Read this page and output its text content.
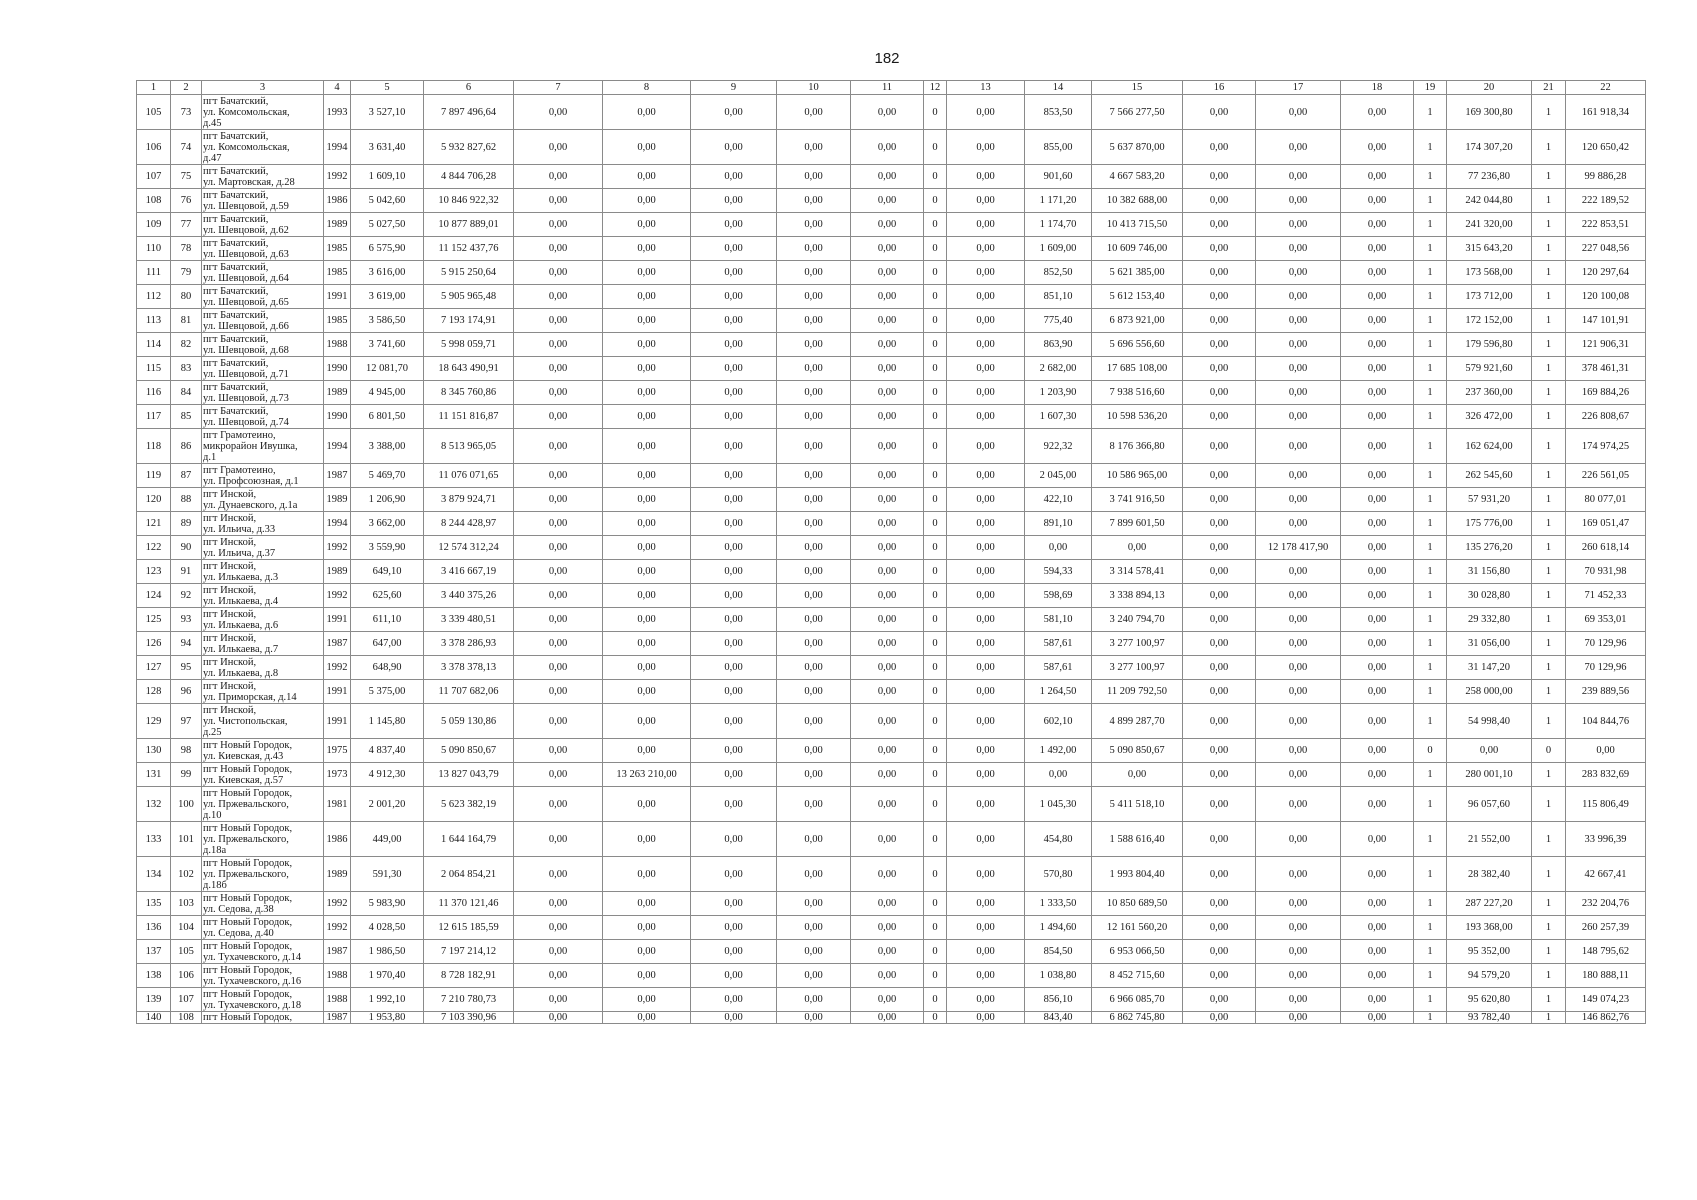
182
1	2	3	4	5	6	7	8	9	10	11	12	13	14	15	16	17	18	19	20	21	22
105	73	пгт Бачатский,
ул. Комсомольская,
д.45	1993	3 527,10	7 897 496,64	0,00	0,00	0,00	0,00	0,00	0	0,00	853,50	7 566 277,50	0,00	0,00	0,00	1	169 300,80	1	161 918,34
106	74	пгт Бачатский,
ул. Комсомольская,
д.47	1994	3 631,40	5 932 827,62	0,00	0,00	0,00	0,00	0,00	0	0,00	855,00	5 637 870,00	0,00	0,00	0,00	1	174 307,20	1	120 650,42
107	75	пгт Бачатский,
ул. Мартовская, д.28	1992	1 609,10	4 844 706,28	0,00	0,00	0,00	0,00	0,00	0	0,00	901,60	4 667 583,20	0,00	0,00	0,00	1	77 236,80	1	99 886,28
108	76	пгт Бачатский,
ул. Шевцовой, д.59	1986	5 042,60	10 846 922,32	0,00	0,00	0,00	0,00	0,00	0	0,00	1 171,20	10 382 688,00	0,00	0,00	0,00	1	242 044,80	1	222 189,52
109	77	пгт Бачатский,
ул. Шевцовой, д.62	1989	5 027,50	10 877 889,01	0,00	0,00	0,00	0,00	0,00	0	0,00	1 174,70	10 413 715,50	0,00	0,00	0,00	1	241 320,00	1	222 853,51
110	78	пгт Бачатский,
ул. Шевцовой, д.63	1985	6 575,90	11 152 437,76	0,00	0,00	0,00	0,00	0,00	0	0,00	1 609,00	10 609 746,00	0,00	0,00	0,00	1	315 643,20	1	227 048,56
111	79	пгт Бачатский,
ул. Шевцовой, д.64	1985	3 616,00	5 915 250,64	0,00	0,00	0,00	0,00	0,00	0	0,00	852,50	5 621 385,00	0,00	0,00	0,00	1	173 568,00	1	120 297,64
112	80	пгт Бачатский,
ул. Шевцовой, д.65	1991	3 619,00	5 905 965,48	0,00	0,00	0,00	0,00	0,00	0	0,00	851,10	5 612 153,40	0,00	0,00	0,00	1	173 712,00	1	120 100,08
113	81	пгт Бачатский,
ул. Шевцовой, д.66	1985	3 586,50	7 193 174,91	0,00	0,00	0,00	0,00	0,00	0	0,00	775,40	6 873 921,00	0,00	0,00	0,00	1	172 152,00	1	147 101,91
114	82	пгт Бачатский,
ул. Шевцовой, д.68	1988	3 741,60	5 998 059,71	0,00	0,00	0,00	0,00	0,00	0	0,00	863,90	5 696 556,60	0,00	0,00	0,00	1	179 596,80	1	121 906,31
115	83	пгт Бачатский,
ул. Шевцовой, д.71	1990	12 081,70	18 643 490,91	0,00	0,00	0,00	0,00	0,00	0	0,00	2 682,00	17 685 108,00	0,00	0,00	0,00	1	579 921,60	1	378 461,31
116	84	пгт Бачатский,
ул. Шевцовой, д.73	1989	4 945,00	8 345 760,86	0,00	0,00	0,00	0,00	0,00	0	0,00	1 203,90	7 938 516,60	0,00	0,00	0,00	1	237 360,00	1	169 884,26
117	85	пгт Бачатский,
ул. Шевцовой, д.74	1990	6 801,50	11 151 816,87	0,00	0,00	0,00	0,00	0,00	0	0,00	1 607,30	10 598 536,20	0,00	0,00	0,00	1	326 472,00	1	226 808,67
118	86	пгт Грамотеино,
микрорайон Ивушка,
д.1	1994	3 388,00	8 513 965,05	0,00	0,00	0,00	0,00	0,00	0	0,00	922,32	8 176 366,80	0,00	0,00	0,00	1	162 624,00	1	174 974,25
119	87	пгт Грамотеино,
ул. Профсоюзная, д.1	1987	5 469,70	11 076 071,65	0,00	0,00	0,00	0,00	0,00	0	0,00	2 045,00	10 586 965,00	0,00	0,00	0,00	1	262 545,60	1	226 561,05
120	88	пгт Инской,
ул. Дунаевского, д.1а	1989	1 206,90	3 879 924,71	0,00	0,00	0,00	0,00	0,00	0	0,00	422,10	3 741 916,50	0,00	0,00	0,00	1	57 931,20	1	80 077,01
121	89	пгт Инской,
ул. Ильича, д.33	1994	3 662,00	8 244 428,97	0,00	0,00	0,00	0,00	0,00	0	0,00	891,10	7 899 601,50	0,00	0,00	0,00	1	175 776,00	1	169 051,47
122	90	пгт Инской,
ул. Ильича, д.37	1992	3 559,90	12 574 312,24	0,00	0,00	0,00	0,00	0,00	0	0,00	0,00	0,00	0,00	12 178 417,90	0,00	1	135 276,20	1	260 618,14
123	91	пгт Инской,
ул. Илькаева, д.3	1989	649,10	3 416 667,19	0,00	0,00	0,00	0,00	0,00	0	0,00	594,33	3 314 578,41	0,00	0,00	0,00	1	31 156,80	1	70 931,98
124	92	пгт Инской,
ул. Илькаева, д.4	1992	625,60	3 440 375,26	0,00	0,00	0,00	0,00	0,00	0	0,00	598,69	3 338 894,13	0,00	0,00	0,00	1	30 028,80	1	71 452,33
125	93	пгт Инской,
ул. Илькаева, д.6	1991	611,10	3 339 480,51	0,00	0,00	0,00	0,00	0,00	0	0,00	581,10	3 240 794,70	0,00	0,00	0,00	1	29 332,80	1	69 353,01
126	94	пгт Инской,
ул. Илькаева, д.7	1987	647,00	3 378 286,93	0,00	0,00	0,00	0,00	0,00	0	0,00	587,61	3 277 100,97	0,00	0,00	0,00	1	31 056,00	1	70 129,96
127	95	пгт Инской,
ул. Илькаева, д.8	1992	648,90	3 378 378,13	0,00	0,00	0,00	0,00	0,00	0	0,00	587,61	3 277 100,97	0,00	0,00	0,00	1	31 147,20	1	70 129,96
128	96	пгт Инской,
ул. Приморская, д.14	1991	5 375,00	11 707 682,06	0,00	0,00	0,00	0,00	0,00	0	0,00	1 264,50	11 209 792,50	0,00	0,00	0,00	1	258 000,00	1	239 889,56
129	97	пгт Инской,
ул. Чистопольская,
д.25	1991	1 145,80	5 059 130,86	0,00	0,00	0,00	0,00	0,00	0	0,00	602,10	4 899 287,70	0,00	0,00	0,00	1	54 998,40	1	104 844,76
130	98	пгт Новый Городок,
ул. Киевская, д.43	1975	4 837,40	5 090 850,67	0,00	0,00	0,00	0,00	0,00	0	0,00	1 492,00	5 090 850,67	0,00	0,00	0,00	0	0,00	0	0,00
131	99	пгт Новый Городок,
ул. Киевская, д.57	1973	4 912,30	13 827 043,79	0,00	13 263 210,00	0,00	0,00	0,00	0	0,00	0,00	0,00	0,00	0,00	0,00	1	280 001,10	1	283 832,69
132	100	пгт Новый Городок,
ул. Пржевальского,
д.10	1981	2 001,20	5 623 382,19	0,00	0,00	0,00	0,00	0,00	0	0,00	1 045,30	5 411 518,10	0,00	0,00	0,00	1	96 057,60	1	115 806,49
133	101	пгт Новый Городок,
ул. Пржевальского,
д.18а	1986	449,00	1 644 164,79	0,00	0,00	0,00	0,00	0,00	0	0,00	454,80	1 588 616,40	0,00	0,00	0,00	1	21 552,00	1	33 996,39
134	102	пгт Новый Городок,
ул. Пржевальского,
д.18б	1989	591,30	2 064 854,21	0,00	0,00	0,00	0,00	0,00	0	0,00	570,80	1 993 804,40	0,00	0,00	0,00	1	28 382,40	1	42 667,41
135	103	пгт Новый Городок,
ул. Седова, д.38	1992	5 983,90	11 370 121,46	0,00	0,00	0,00	0,00	0,00	0	0,00	1 333,50	10 850 689,50	0,00	0,00	0,00	1	287 227,20	1	232 204,76
136	104	пгт Новый Городок,
ул. Седова, д.40	1992	4 028,50	12 615 185,59	0,00	0,00	0,00	0,00	0,00	0	0,00	1 494,60	12 161 560,20	0,00	0,00	0,00	1	193 368,00	1	260 257,39
137	105	пгт Новый Городок,
ул. Тухачевского, д.14	1987	1 986,50	7 197 214,12	0,00	0,00	0,00	0,00	0,00	0	0,00	854,50	6 953 066,50	0,00	0,00	0,00	1	95 352,00	1	148 795,62
138	106	пгт Новый Городок,
ул. Тухачевского, д.16	1988	1 970,40	8 728 182,91	0,00	0,00	0,00	0,00	0,00	0	0,00	1 038,80	8 452 715,60	0,00	0,00	0,00	1	94 579,20	1	180 888,11
139	107	пгт Новый Городок,
ул. Тухачевского, д.18	1988	1 992,10	7 210 780,73	0,00	0,00	0,00	0,00	0,00	0	0,00	856,10	6 966 085,70	0,00	0,00	0,00	1	95 620,80	1	149 074,23
140	108	пгт Новый Городок,	1987	1 953,80	7 103 390,96	0,00	0,00	0,00	0,00	0,00	0	0,00	843,40	6 862 745,80	0,00	0,00	0,00	1	93 782,40	1	146 862,76
